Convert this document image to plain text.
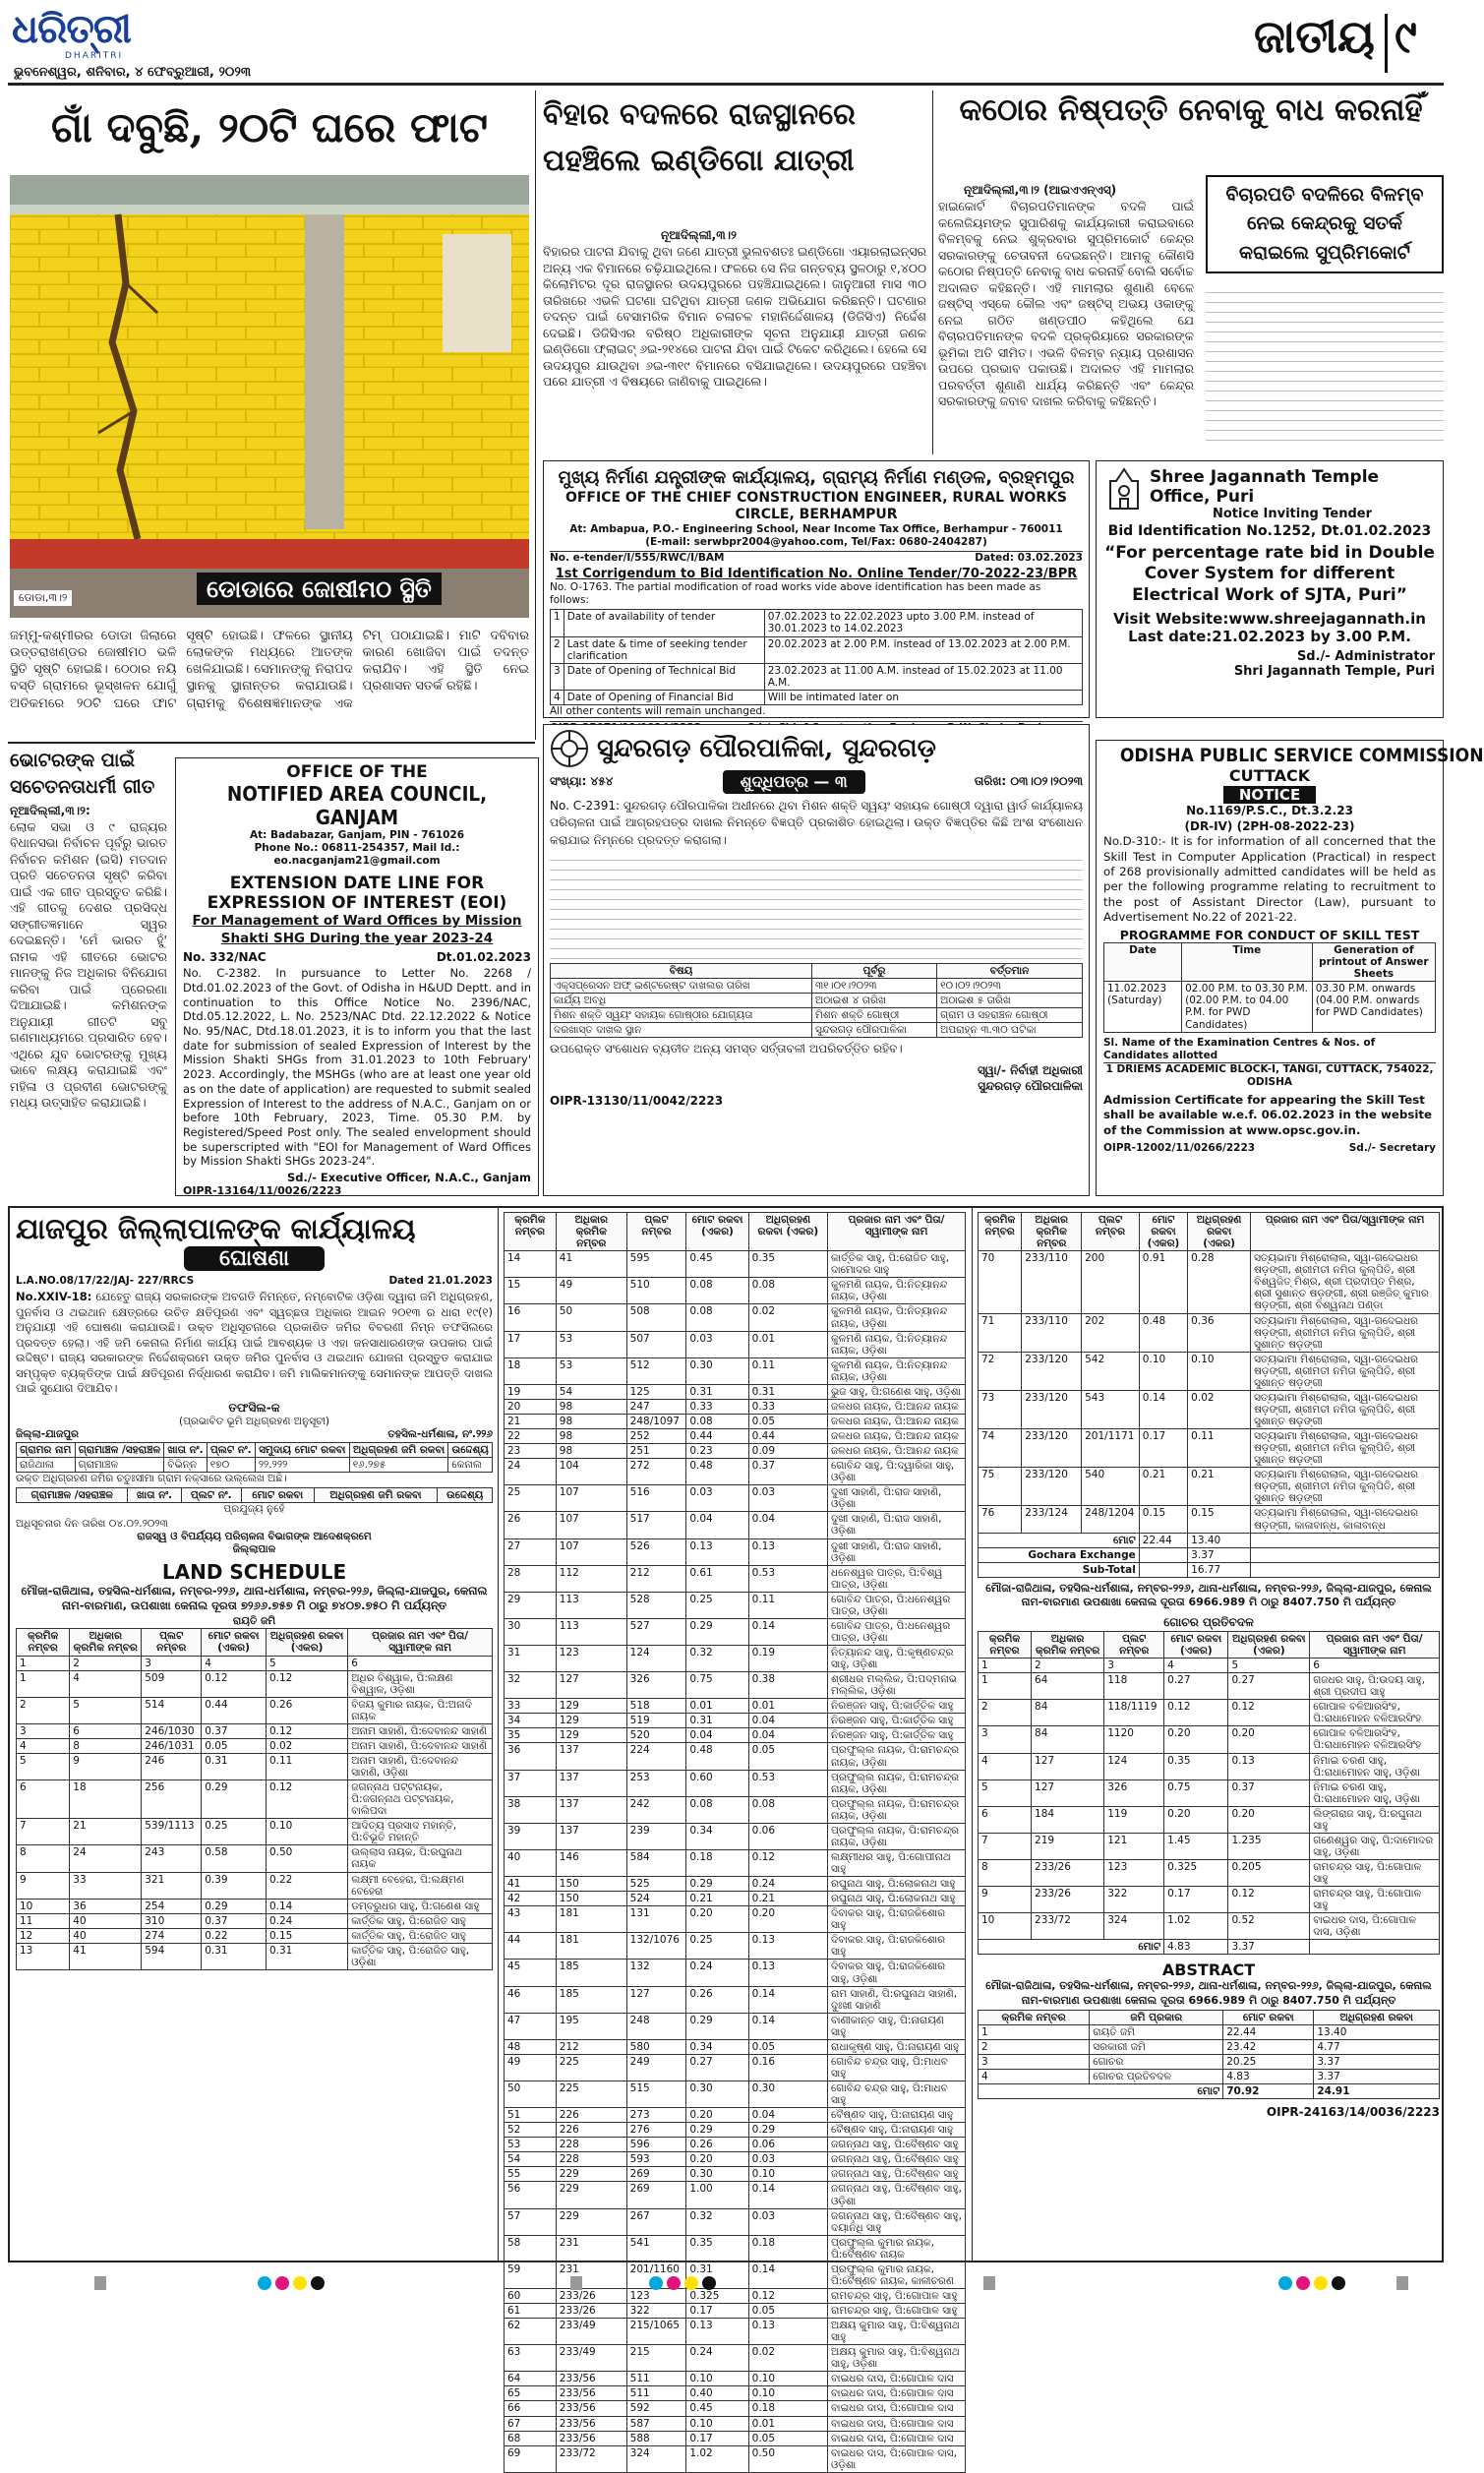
ଧରିତ୍ରୀ
DHARITRI
ଭୁବନେଶ୍ୱର, ଶନିବାର, ୪ ଫେବ୍ରୁଆରୀ, ୨୦୨୩
ଜାତୀୟ ୯
ଗାଁ ଦବୁଛି, ୨୦ଟି ଘରେ ଫାଟ
ଡୋଡା,୩।୨	ଡୋଡାରେ ଜୋଷୀମଠ ସ୍ଥିତି
ଜମ୍ମୁ-କଶ୍ମୀରର ଡୋଡା ଜିଲାରେ ଉତ୍ତରାଖଣ୍ଡର ଜୋଷୀମଠ ଭଳି ସ୍ଥିତି ସୃଷ୍ଟି ହୋଇଛି। ଠେଠାର ନୟି ବସ୍ତି ଗ୍ରାମରେ ଭୂସ୍ଖଳନ ଯୋଗୁଁ ଅତିକମରେ ୨୦ଟି ଘରେ ଫାଟ ସୃଷ୍ଟି ହୋଇଛି। ଫଳରେ ସ୍ଥାନୀୟ ଲୋକଙ୍କ ମଧ୍ୟରେ ଆତଙ୍କ ଖେଳିଯାଇଛି। ସେମାନଙ୍କୁ ନିରାପଦ ସ୍ଥାନକୁ ସ୍ଥାନାନ୍ତର କରାଯାଉଛି। ଗ୍ରାମକୁ ବିଶେଷଜ୍ଞମାନଙ୍କ ଏକ ଟିମ୍ ପଠାଯାଇଛି। ମାଟି ଦବିବାର କାରଣ ଖୋଜିବା ପାଇଁ ତଦନ୍ତ କରାଯିବ। ଏହି ସ୍ଥିତି ନେଇ ପ୍ରଶାସନ ସତର୍କ ରହିଛି।
ବିହାର ବଦଳରେ ରାଜସ୍ଥାନରେ ପହଞ୍ଚିଲେ ଇଣ୍ଡିଗୋ ଯାତ୍ରୀ
ନୂଆଦିଲ୍ଲୀ,୩।୨
ବିହାରର ପାଟନା ଯିବାକୁ ଥିବା ଜଣେ ଯାତ୍ରୀ ଭୁଲବଶତଃ ଇଣ୍ଡିଗୋ ଏୟାରଲାଇନ୍ସର ଅନ୍ୟ ଏକ ବିମାନରେ ଚଢ଼ିଯାଇଥିଲେ। ଫଳରେ ସେ ନିଜ ଗନ୍ତବ୍ୟ ସ୍ଥଳଠାରୁ ୧,୪୦୦ କିଲୋମିଟର ଦୂର ରାଜସ୍ଥାନର ଉଦୟପୁରରେ ପହଞ୍ଚିଯାଇଥିଲେ। ଜାନୁଆରୀ ମାସ ୩୦ ତାରିଖରେ ଏଭଳି ଘଟଣା ଘଟିଥିବା ଯାତ୍ରୀ ଜଣକ ଅଭିଯୋଗ କରିଛନ୍ତି। ଘଟଣାର ତଦନ୍ତ ପାଇଁ ବେସାମରିକ ବିମାନ ଚଳାଚଳ ମହାନିର୍ଦ୍ଦେଶାଳୟ (ଡିଜିସିଏ) ନିର୍ଦ୍ଦେଶ ଦେଇଛି। ଡିଜିସିଏର ବରିଷ୍ଠ ଅଧିକାରୀଙ୍କ ସୂଚନା ଅନୁଯାୟୀ ଯାତ୍ରୀ ଜଣକ ଇଣ୍ଡିଗୋ ଫ୍ଲାଇଟ୍ ୬ଇ-୨୧୪ରେ ପାଟନା ଯିବା ପାଇଁ ଟିକେଟ କରିଥିଲେ। ହେଲେ ସେ ଉଦୟପୁର ଯାଉଥିବା ୬ଇ-୩୧୯ ବିମାନରେ ବସିଯାଇଥିଲେ। ଉଦୟପୁରରେ ପହଞ୍ଚିବା ପରେ ଯାତ୍ରୀ ଏ ବିଷୟରେ ଜାଣିବାକୁ ପାଇଥିଲେ।
କଠୋର ନିଷ୍ପତ୍ତି ନେବାକୁ ବାଧ କରନାହିଁ
ନୂଆଦିଲ୍ଲୀ,୩।୨ (ଆଇଏଏନ୍‌ଏସ୍)
ହାଇକୋର୍ଟ ବିଚାରପତିମାନଙ୍କ ବଦଳି ପାଇଁ କଲେଜିୟମଙ୍କ ସୁପାରିଶକୁ କାର୍ଯ୍ୟକାରୀ କରାଇବାରେ ବିଳମ୍ବକୁ ନେଇ ଶୁକ୍ରବାର ସୁପ୍ରିମକୋର୍ଟ କେନ୍ଦ୍ର ସରକାରଙ୍କୁ ଚେତାବନୀ ଦେଇଛନ୍ତି। ଆମକୁ କୌଣସି କଠୋର ନିଷ୍ପତ୍ତି ନେବାକୁ ବାଧ କରନାହିଁ ବୋଲି ସର୍ବୋଚ୍ଚ ଅଦାଲତ କହିଛନ୍ତି। ଏହି ମାମଲାର ଶୁଣାଣି ବେଳେ ଜଷ୍ଟିସ୍ ଏସ୍‌କେ କୌଲ ଏବଂ ଜଷ୍ଟିସ୍ ଅଭୟ ଓକାଙ୍କୁ ନେଇ ଗଠିତ ଖଣ୍ଡପୀଠ କହିଥିଲେ ଯେ ବିଚାରପତିମାନଙ୍କ ବଦଳି ପ୍ରକ୍ରିୟାରେ ସରକାରଙ୍କ ଭୂମିକା ଅତି ସୀମିତ। ଏଭଳି ବିଳମ୍ବ ନ୍ୟାୟ ପ୍ରଶାସନ ଉପରେ ପ୍ରଭାବ ପକାଉଛି। ଅଦାଲତ ଏହି ମାମଲାର ପରବର୍ତ୍ତୀ ଶୁଣାଣି ଧାର୍ଯ୍ୟ କରିଛନ୍ତି ଏବଂ କେନ୍ଦ୍ର ସରକାରଙ୍କୁ ଜବାବ ଦାଖଲ କରିବାକୁ କହିଛନ୍ତି।
ବିଚାରପତି ବଦଳିରେ ବିଳମ୍ବ ନେଇ କେନ୍ଦ୍ରକୁ ସତର୍କ କରାଇଲେ ସୁପ୍ରିମକୋର୍ଟ
ମୁଖ୍ୟ ନିର୍ମାଣ ଯନ୍ତ୍ରୀଙ୍କ କାର୍ଯ୍ୟାଳୟ, ଗ୍ରାମ୍ୟ ନିର୍ମାଣ ମଣ୍ଡଳ, ବ୍ରହ୍ମପୁର
OFFICE OF THE CHIEF CONSTRUCTION ENGINEER, RURAL WORKS CIRCLE, BERHAMPUR
At: Ambapua, P.O.- Engineering School, Near Income Tax Office, Berhampur - 760011
(E-mail: serwbpr2004@yahoo.com, Tel/Fax: 0680-2404287)
No. e-tender/I/555/RWC/I/BAM	Dated: 03.02.2023
1st Corrigendum to Bid Identification No. Online Tender/70-2022-23/BPR
No. O-1763. The partial modification of road works vide above identification has been made as follows:
1	Date of availability of tender	07.02.2023 to 22.02.2023 upto 3.00 P.M. instead of 30.01.2023 to 14.02.2023
2	Last date & time of seeking tender clarification	20.02.2023 at 2.00 P.M. instead of 13.02.2023 at 2.00 P.M.
3	Date of Opening of Technical Bid	23.02.2023 at 11.00 A.M. instead of 15.02.2023 at 11.00 A.M.
4	Date of Opening of Financial Bid	Will be intimated later on
All other contents will remain unchanged.
Shree Jagannath Temple Office, Puri
Notice Inviting Tender
Bid Identification No.1252, Dt.01.02.2023
“For percentage rate bid in Double Cover System for different Electrical Work of SJTA, Puri”
Visit Website:www.shreejagannath.in
Last date:21.02.2023 by 3.00 P.M.
Sd./- Administrator
Shri Jagannath Temple, Puri
ଭୋଟରଙ୍କ ପାଇଁ ସଚେତନତାଧର୍ମୀ ଗୀତ
ନୂଆଦିଲ୍ଲୀ,୩।୨:
ଲୋକ ସଭା ଓ ୯ ରାଜ୍ୟର ବିଧାନସଭା ନିର୍ବାଚନ ପୂର୍ବରୁ ଭାରତ ନିର୍ବାଚନ କମିଶନ (ଇସି) ମତଦାନ ପ୍ରତି ସଚେତନତା ସୃଷ୍ଟି କରିବା ପାଇଁ ଏକ ଗୀତ ପ୍ରସ୍ତୁତ କରିଛି। ଏହି ଗୀତକୁ ଦେଶର ପ୍ରସିଦ୍ଧ ସଙ୍ଗୀତଜ୍ଞମାନେ ସ୍ୱର ଦେଇଛନ୍ତି। 'ମେଁ ଭାରତ ହୁଁ' ନାମକ ଏହି ଗୀତରେ ଭୋଟର ମାନଙ୍କୁ ନିଜ ଅଧିକାର ବିନିଯୋଗ କରିବା ପାଇଁ ପ୍ରେରଣା ଦିଆଯାଇଛି। କମିଶନଙ୍କ ଅନୁଯାୟୀ ଗୀତଟି ସବୁ ଗଣମାଧ୍ୟମରେ ପ୍ରସାରିତ ହେବ। ଏଥିରେ ଯୁବ ଭୋଟରଙ୍କୁ ମୁଖ୍ୟ ଭାବେ ଲକ୍ଷ୍ୟ କରାଯାଇଛି ଏବଂ ମହିଳା ଓ ପ୍ରବୀଣ ଭୋଟରଙ୍କୁ ମଧ୍ୟ ଉତ୍ସାହିତ କରାଯାଇଛି।
OFFICE OF THE
NOTIFIED AREA COUNCIL, GANJAM
At: Badabazar, Ganjam, PIN - 761026
Phone No.: 06811-254357, Mail Id.: eo.nacganjam21@gmail.com
EXTENSION DATE LINE FOR
EXPRESSION OF INTEREST (EOI)
For Management of Ward Offices by Mission Shakti SHG During the year 2023-24
No. 332/NAC	Dt.01.02.2023
No. C-2382. In pursuance to Letter No. 2268 / Dtd.01.02.2023 of the Govt. of Odisha in H&UD Deptt. and in continuation to this Office Notice No. 2396/NAC, Dtd.05.12.2022, L. No. 2523/NAC Dtd. 22.12.2022 & Notice No. 95/NAC, Dtd.18.01.2023, it is to inform you that the last date for submission of sealed Expression of Interest by the Mission Shakti SHGs from 31.01.2023 to 10th February' 2023. Accordingly, the MSHGs (who are at least one year old as on the date of application) are requested to submit sealed Expression of Interest to the address of N.A.C., Ganjam on or before 10th February, 2023, Time. 05.30 P.M. by Registered/Speed Post only. The sealed envelopment should be superscripted with "EOI for Management of Ward Offices by Mission Shakti SHGs 2023-24".
Sd./- Executive Officer, N.A.C., Ganjam
OIPR-13164/11/0026/2223
ସୁନ୍ଦରଗଡ଼ ପୌରପାଳିକା, ସୁନ୍ଦରଗଡ଼
ସଂଖ୍ୟା: ୪୫୪	ଶୁଦ୍ଧିପତ୍ର — ୩	ତାରିଖ: ୦୩।୦୨।୨୦୨୩
No. C-2391: ସୁନ୍ଦରଗଡ଼ ପୌରପାଳିକା ଅଧୀନରେ ଥିବା ମିଶନ ଶକ୍ତି ସ୍ୱୟଂ ସହାୟକ ଗୋଷ୍ଠୀ ଦ୍ୱାରା ୱାର୍ଡ କାର୍ଯ୍ୟାଳୟ ପରିଚାଳନା ପାଇଁ ଆଗ୍ରହପତ୍ର ଦାଖଲ ନିମନ୍ତେ ବିଜ୍ଞପ୍ତି ପ୍ରକାଶିତ ହୋଇଥିଲା। ଉକ୍ତ ବିଜ୍ଞପ୍ତିର କିଛି ଅଂଶ ସଂଶୋଧନ କରାଯାଇ ନିମ୍ନରେ ପ୍ରଦତ୍ତ କରାଗଲା।
ବିଷୟ	ପୂର୍ବରୁ	ବର୍ତ୍ତମାନ
ଏକ୍ସପ୍ରେସନ ଅଫ୍ ଇଣ୍ଟରେଷ୍ଟ ଦାଖଲର ତାରିଖ	୩୧।୦୧।୨୦୨୩	୧୦।୦୨।୨୦୨୩
କାର୍ଯ୍ୟ ଅବଧି	ଅଠାଇଶ ୪ ତାରିଖ	ଅଠାଇଶ ୫ ତାରିଖ
ମିଶନ ଶକ୍ତି ସ୍ୱୟଂ ସହାୟକ ଗୋଷ୍ଠୀର ଯୋଗ୍ୟତା	ମିଶନ ଶକ୍ତି ଗୋଷ୍ଠୀ	ଗ୍ରାମ ଓ ସହରାଞ୍ଚଳ ଗୋଷ୍ଠୀ
ଦରଖାସ୍ତ ଦାଖଲ ସ୍ଥାନ	ସୁନ୍ଦରଗଡ଼ ପୌରପାଳିକା	ଅପରାହ୍ନ ୩.୩୦ ଘଟିକା
ଉପରୋକ୍ତ ସଂଶୋଧନ ବ୍ୟତୀତ ଅନ୍ୟ ସମସ୍ତ ସର୍ତ୍ତାବଳୀ ଅପରିବର୍ତ୍ତିତ ରହିବ।
ସ୍ୱା/- ନିର୍ବାହୀ ଅଧିକାରୀ
ସୁନ୍ଦରଗଡ଼ ପୌରପାଳିକା
OIPR-13130/11/0042/2223
ODISHA PUBLIC SERVICE COMMISSION
CUTTACK
NOTICE
No.1169/P.S.C., Dt.3.2.23
(DR-IV) (2PH-08-2022-23)
No.D-310:- It is for information of all concerned that the Skill Test in Computer Application (Practical) in respect of 268 provisionally admitted candidates will be held as per the following programme relating to recruitment to the post of Assistant Director (Law), pursuant to Advertisement No.22 of 2021-22.
PROGRAMME FOR CONDUCT OF SKILL TEST
Date	Time	Generation of printout of Answer Sheets
11.02.2023 (Saturday)	02.00 P.M. to 03.30 P.M. (02.00 P.M. to 04.00 P.M. for PWD Candidates)	03.30 P.M. onwards (04.00 P.M. onwards for PWD Candidates)
Sl. Name of the Examination Centres & Nos. of Candidates allotted
1 DRIEMS ACADEMIC BLOCK-I, TANGI, CUTTACK, 754022, ODISHA
Admission Certificate for appearing the Skill Test shall be available w.e.f. 06.02.2023 in the website of the Commission at www.opsc.gov.in.
OIPR-12002/11/0266/2223	Sd./- Secretary
ଯାଜପୁର ଜିଲ୍ଲାପାଳଙ୍କ କାର୍ଯ୍ୟାଳୟ
ଘୋଷଣା
L.A.NO.08/17/22/JAJ- 227/RRCS	Dated 21.01.2023
No.XXIV-18: ଯେହେତୁ ରାଜ୍ୟ ସରକାରଙ୍କ ଅବଗତି ନିମନ୍ତେ, ନମ୍ବୋଟିକ ଓଡ଼ିଶା ଦ୍ୱାରା ଜମି ଅଧିଗ୍ରହଣ, ପୁନର୍ବାସ ଓ ଥଇଥାନ କ୍ଷେତ୍ରରେ ଉଚିତ କ୍ଷତିପୂରଣ ଏବଂ ସ୍ୱଚ୍ଛତା ଅଧିକାର ଆଇନ ୨୦୧୩ ର ଧାରା ୧୯(୧) ଅନୁଯାୟୀ ଏହି ଘୋଷଣା କରାଯାଉଛି। ଉକ୍ତ ଅଧିସୂଚନାରେ ପ୍ରକାଶିତ ଜମିର ବିବରଣୀ ନିମ୍ନ ତଫସିଲରେ ପ୍ରଦତ୍ତ ହେଲା। ଏହି ଜମି କେନାଲ ନିର୍ମାଣ କାର୍ଯ୍ୟ ପାଇଁ ଆବଶ୍ୟକ ଓ ଏହା ଜନସାଧାରଣଙ୍କ ଉପକାର ପାଇଁ ଉଦ୍ଦିଷ୍ଟ। ରାଜ୍ୟ ସରକାରଙ୍କ ନିର୍ଦ୍ଦେଶକ୍ରମେ ଉକ୍ତ ଜମିର ପୁନର୍ବାସ ଓ ଥଇଥାନ ଯୋଜନା ପ୍ରସ୍ତୁତ କରାଯାଇ ସମ୍ପୃକ୍ତ ବ୍ୟକ୍ତିଙ୍କ ପାଇଁ କ୍ଷତିପୂରଣ ନିର୍ଦ୍ଧାରଣ କରାଯିବ। ଜମି ମାଲିକମାନଙ୍କୁ ସେମାନଙ୍କ ଆପତ୍ତି ଦାଖଲ ପାଇଁ ସୁଯୋଗ ଦିଆଯିବ।
ତଫସିଲ-କ
(ପ୍ରଭାବିତ ଭୂମି ଅଧିଗ୍ରହଣ ଅନୁସୂଚୀ)
ଜିଲ୍ଲା-ଯାଜପୁର	ତହସିଲ-ଧର୍ମଶାଳା, ନଂ.୨୨୬
ଗ୍ରାମର ନାମ	ଗ୍ରାମାଞ୍ଚଳ /ସହରାଞ୍ଚଳ	ଖାତା ନଂ.	ପ୍ଲଟ ନଂ.	ସମୁଦାୟ ମୋଟ ରକବା	ଅଧିଗ୍ରହଣ ଜମି ରକବା	ଉଦ୍ଦେଶ୍ୟ
ରାଜିଥାଳା	ଗ୍ରାମାଞ୍ଚଳ	ବିଭିନ୍ନ	୧୭୦	୨୨.୨୨୨	୧୬.୨୭୫	କେନାଲ
ଉକ୍ତ ଅଧିଗ୍ରହଣ ଜମିର ଚତୁଃସୀମା ଗ୍ରାମ ନକ୍ସାରେ ଉଲ୍ଲେଖ ଅଛି।
ଗ୍ରାମାଞ୍ଚଳ /ସହରାଞ୍ଚଳ	ଖାତା ନଂ.	ପ୍ଲଟ ନଂ.	ମୋଟ ରକବା	ଅଧିଗ୍ରହଣ ଜମି ରକବା	ଉଦ୍ଦେଶ୍ୟ
ପ୍ରଯୁଜ୍ୟ ନୁହେଁ
ଅଧିସୂଚନାର ଦିନ ତାରିଖ ୦୪.୦୨.୨୦୨୩
ରାଜସ୍ୱ ଓ ବିପର୍ଯ୍ୟୟ ପରିଚାଳନା ବିଭାଗଙ୍କ ଆଦେଶକ୍ରମେ
ଜିଲ୍ଲାପାଳ
LAND SCHEDULE
ମୌଜା-ରାଜିଥାଳା, ତହସିଲ-ଧର୍ମଶାଳା, ନମ୍ବର-୨୨୬, ଥାନା-ଧର୍ମଶାଳା, ନମ୍ବର-୨୨୬, ଜିଲ୍ଲା-ଯାଜପୁର, କେନାଲ ନାମ-ବାରମାଣ, ଉପଶାଖା କେନାଲ ଦୂରତା ୭୨୬୬.୭୫୭ ମି ଠାରୁ ୭୪୦୭.୭୫୦ ମି ପର୍ଯ୍ୟନ୍ତ
ରାୟତି ଜମି
କ୍ରମିକ ନମ୍ବର	ଅଧିକାର କ୍ରମିକ ନମ୍ବର	ପ୍ଲଟ ନମ୍ବର	ମୋଟ ରକବା (ଏକର)	ଅଧିଗ୍ରହଣ ରକବା (ଏକର)	ପ୍ରଜାର ନାମ ଏବଂ ପିତା/ସ୍ୱାମୀଙ୍କ ନାମ
1	2	3	4	5	6
1	4	509	0.12	0.12	ଅଧିର ବିଶ୍ୱାଳ, ପି:ଲକ୍ଷଣ ବିଶ୍ୱାଳ, ଓଡ଼ିଶା
2	5	514	0.44	0.26	ବିଜୟ କୁମାର ନାୟକ, ପି:ଅନାଦି ନାୟକ
3	6	246/1030	0.37	0.12	ଅନାମ ସାହାଣି, ପି:ଦେବାନନ୍ଦ ସାହାଣି
4	8	246/1031	0.05	0.02	ଅନାମ ସାହାଣି, ପି:ଦେବାନନ୍ଦ ସାହାଣି
5	9	246	0.31	0.11	ଅନାମ ସାହାଣି, ପି:ଦେବାନନ୍ଦ ସାହାଣି, ଓଡ଼ିଶା
6	18	256	0.29	0.12	ଜଗନ୍ନାଥ ପଟ୍ଟନାୟକ, ପି:ଜଗନ୍ନାଥ ପଟ୍ଟନାୟକ, ବାଲିପଦା
7	21	539/1113	0.25	0.10	ଆଦିତ୍ୟ ପ୍ରସାଦ ମହାନ୍ତି, ପି:ବିଭୂତି ମହାନ୍ତି
8	24	243	0.58	0.50	ଉଲ୍ଲାସ ନାୟକ, ପି:ରଘୁନାଥ ନାୟକ
9	33	321	0.39	0.22	ଲକ୍ଷ୍ମୀ ବେହେରା, ପି:ଲକ୍ଷ୍ମଣ ବେହେରା
10	36	254	0.29	0.14	ଡମ୍ବରୁଧର ସାହୁ, ପି:ଗଣେଶ ସାହୁ
11	40	310	0.37	0.24	କାର୍ତ୍ତିକ ସାହୁ, ପି:ରୋଜିତ ସାହୁ
12	40	274	0.22	0.15	କାର୍ତ୍ତିକ ସାହୁ, ପି:ରୋଜିତ ସାହୁ
13	41	594	0.31	0.31	କାର୍ତ୍ତିକ ସାହୁ, ପି:ରୋଜିତ ସାହୁ, ଓଡ଼ିଶା
କ୍ରମିକ ନମ୍ବର	ଅଧିକାର କ୍ରମିକ ନମ୍ବର	ପ୍ଲଟ ନମ୍ବର	ମୋଟ ରକବା (ଏକର)	ଅଧିଗ୍ରହଣ ରକବା (ଏକର)	ପ୍ରଜାର ନାମ ଏବଂ ପିତା/ସ୍ୱାମୀଙ୍କ ନାମ
14	41	595	0.45	0.35	କାର୍ତ୍ତିକ ସାହୁ, ପି:ରୋଜିତ ସାହୁ, ଦାମୋଦର ସାହୁ
15	49	510	0.08	0.08	କୁଳମଣି ନାୟକ, ପି:ନିତ୍ୟାନନ୍ଦ ନାୟକ, ଓଡ଼ିଶା
16	50	508	0.08	0.02	କୁଳମଣି ନାୟକ, ପି:ନିତ୍ୟାନନ୍ଦ ନାୟକ, ଓଡ଼ିଶା
17	53	507	0.03	0.01	କୁଳମଣି ନାୟକ, ପି:ନିତ୍ୟାନନ୍ଦ ନାୟକ, ଓଡ଼ିଶା
18	53	512	0.30	0.11	କୁଳମଣି ନାୟକ, ପି:ନିତ୍ୟାନନ୍ଦ ନାୟକ, ଓଡ଼ିଶା
19	54	125	0.31	0.31	ଭୁଜ ସାହୁ, ପି:ଗଣେଶ ସାହୁ, ଓଡ଼ିଶା
20	98	247	0.33	0.33	ଜଳଧର ନାୟକ, ପି:ଆନନ୍ଦ ନାୟକ
21	98	248/1097	0.08	0.05	ଜଳଧର ନାୟକ, ପି:ଆନନ୍ଦ ନାୟକ
22	98	252	0.44	0.44	ଜଳଧର ନାୟକ, ପି:ଆନନ୍ଦ ନାୟକ
23	98	251	0.23	0.09	ଜଳଧର ନାୟକ, ପି:ଆନନ୍ଦ ନାୟକ
24	104	272	0.48	0.37	ଗୋବିନ୍ଦ ସାହୁ, ପି:ଦ୍ୱାରିକା ସାହୁ, ଓଡ଼ିଶା
25	107	516	0.03	0.03	ଦୁଖୀ ସାହାଣି, ପି:ରାଜ ସାହାଣି, ଓଡ଼ିଶା
26	107	517	0.04	0.04	ଦୁଖୀ ସାହାଣି, ପି:ରାଜ ସାହାଣି, ଓଡ଼ିଶା
27	107	526	0.13	0.13	ଦୁଖୀ ସାହାଣି, ପି:ରାଜ ସାହାଣି, ଓଡ଼ିଶା
28	112	212	0.61	0.53	ଧନେଶ୍ୱର ପାତ୍ର, ପି:ବିଶ୍ୱ ପାତ୍ର, ଓଡ଼ିଶା
29	113	528	0.25	0.11	ଗୋବିନ୍ଦ ପାତ୍ର, ପି:ଧନେଶ୍ୱର ପାତ୍ର, ଓଡ଼ିଶା
30	113	527	0.29	0.14	ଗୋବିନ୍ଦ ପାତ୍ର, ପି:ଧନେଶ୍ୱର ପାତ୍ର, ଓଡ଼ିଶା
31	123	124	0.32	0.19	ନିତ୍ୟାନନ୍ଦ ସାହୁ, ପି:କୃଷ୍ଣଚନ୍ଦ୍ର ସାହୁ, ଓଡ଼ିଶା
32	127	326	0.75	0.38	ଶ୍ରୀଧର ମଲ୍ଲିକ, ପି:ପଦ୍ମନାଭ ମଲ୍ଲିକ, ଓଡ଼ିଶା
33	129	518	0.01	0.01	ନିରଞ୍ଜନ ସାହୁ, ପି:କାର୍ତ୍ତିକ ସାହୁ
34	129	519	0.31	0.04	ନିରଞ୍ଜନ ସାହୁ, ପି:କାର୍ତ୍ତିକ ସାହୁ
35	129	520	0.04	0.04	ନିରଞ୍ଜନ ସାହୁ, ପି:କାର୍ତ୍ତିକ ସାହୁ
36	137	224	0.48	0.05	ପ୍ରଫୁଲ୍ଲ ନାୟକ, ପି:ରାମଚନ୍ଦ୍ର ନାୟକ, ଓଡ଼ିଶା
37	137	253	0.60	0.53	ପ୍ରଫୁଲ୍ଲ ନାୟକ, ପି:ରାମଚନ୍ଦ୍ର ନାୟକ, ଓଡ଼ିଶା
38	137	242	0.08	0.08	ପ୍ରଫୁଲ୍ଲ ନାୟକ, ପି:ରାମଚନ୍ଦ୍ର ନାୟକ, ଓଡ଼ିଶା
39	137	239	0.34	0.06	ପ୍ରଫୁଲ୍ଲ ନାୟକ, ପି:ରାମଚନ୍ଦ୍ର ନାୟକ, ଓଡ଼ିଶା
40	146	584	0.18	0.12	ଲକ୍ଷ୍ମୀଧର ସାହୁ, ପି:ଗୋପୀନାଥ ସାହୁ
41	150	525	0.29	0.24	ରଘୁନାଥ ସାହୁ, ପି:ଲୋକନାଥ ସାହୁ
42	150	524	0.21	0.21	ରଘୁନାଥ ସାହୁ, ପି:ଲୋକନାଥ ସାହୁ
43	181	131	0.20	0.20	ଦିବାକର ସାହୁ, ପି:ରାଜକିଶୋର ସାହୁ
44	181	132/1076	0.25	0.13	ଦିବାକର ସାହୁ, ପି:ରାଜକିଶୋର ସାହୁ
45	185	132	0.24	0.13	ଦିବାକର ସାହୁ, ପି:ରାଜକିଶୋର ସାହୁ, ଓଡ଼ିଶା
46	185	127	0.26	0.14	ରାମ ସାହାଣି, ପି:ରଘୁନାଥ ସାହାଣି, ଦୁଃଖୀ ସାହାଣି
47	195	248	0.29	0.14	ବାଣୀକାନ୍ତ ସାହୁ, ପି:ନାରାୟଣ ସାହୁ
48	212	580	0.34	0.05	ରାଧାକୃଷ୍ଣ ସାହୁ, ପି:ନାରାୟଣ ସାହୁ
49	225	249	0.27	0.16	ଗୋବିନ୍ଦ ଚନ୍ଦ୍ର ସାହୁ, ପି:ମାଧବ ସାହୁ
50	225	515	0.30	0.30	ଗୋବିନ୍ଦ ଚନ୍ଦ୍ର ସାହୁ, ପି:ମାଧବ ସାହୁ
51	226	273	0.20	0.04	ବୈଷ୍ଣବ ସାହୁ, ପି:ନାରାୟଣ ସାହୁ
52	226	276	0.29	0.29	ବୈଷ୍ଣବ ସାହୁ, ପି:ନାରାୟଣ ସାହୁ
53	228	596	0.26	0.06	ଜଗନ୍ନାଥ ସାହୁ, ପି:ବୈଷ୍ଣବ ସାହୁ
54	228	593	0.20	0.03	ଜଗନ୍ନାଥ ସାହୁ, ପି:ବୈଷ୍ଣବ ସାହୁ
55	229	269	0.30	0.10	ଜଗନ୍ନାଥ ସାହୁ, ପି:ବୈଷ୍ଣବ ସାହୁ
56	229	269	1.00	0.14	ଜଗନ୍ନାଥ ସାହୁ, ପି:ବୈଷ୍ଣବ ସାହୁ, ଓଡ଼ିଶା
57	229	267	0.32	0.03	ଜଗନ୍ନାଥ ସାହୁ, ପି:ବୈଷ୍ଣବ ସାହୁ, ଦୟାନିଧି ସାହୁ
58	231	541	0.35	0.18	ପ୍ରଫୁଲ୍ଲ କୁମାର ନାୟକ, ପି:ବୈଷ୍ଣବ ନାୟକ
59	231	201/1160	0.31	0.14	ପ୍ରଫୁଲ୍ଲ କୁମାର ନାୟକ, ପି:ବୈଷ୍ଣବ ନାୟକ, କାଳୀଚରଣ
60	233/26	123	0.325	0.12	ରାମଚନ୍ଦ୍ର ସାହୁ, ପି:ଗୋପାଳ ସାହୁ
61	233/26	322	0.17	0.05	ରାମଚନ୍ଦ୍ର ସାହୁ, ପି:ଗୋପାଳ ସାହୁ
62	233/49	215/1065	0.13	0.13	ଅକ୍ଷୟ କୁମାର ସାହୁ, ପି:ବିଶ୍ୱନାଥ ସାହୁ
63	233/49	215	0.24	0.02	ଅକ୍ଷୟ କୁମାର ସାହୁ, ପି:ବିଶ୍ୱନାଥ ସାହୁ, ଓଡ଼ିଶା
64	233/56	511	0.10	0.10	ବାଇଧର ଦାସ, ପି:ଗୋପାଳ ଦାସ
65	233/56	511	0.40	0.10	ବାଇଧର ଦାସ, ପି:ଗୋପାଳ ଦାସ
66	233/56	592	0.45	0.18	ବାଇଧର ଦାସ, ପି:ଗୋପାଳ ଦାସ
67	233/56	587	0.10	0.01	ବାଇଧର ଦାସ, ପି:ଗୋପାଳ ଦାସ
68	233/56	588	0.17	0.05	ବାଇଧର ଦାସ, ପି:ଗୋପାଳ ଦାସ
69	233/72	324	1.02	0.50	ବାଇଧର ଦାସ, ପି:ଗୋପାଳ ଦାସ, ଓଡ଼ିଶା
କ୍ରମିକ ନମ୍ବର	ଅଧିକାର କ୍ରମିକ ନମ୍ବର	ପ୍ଲଟ ନମ୍ବର	ମୋଟ ରକବା (ଏକର)	ଅଧିଗ୍ରହଣ ରକବା (ଏକର)	ପ୍ରଜାର ନାମ ଏବଂ ପିତା/ସ୍ୱାମୀଙ୍କ ନାମ
70	233/110	200	0.91	0.28	ସତ୍ୟଭାମା ମିଶ୍ରୋଲାଲ, ସ୍ୱା-ଗଦେଇଧର ଷଡ଼ଙ୍ଗୀ, ଶ୍ରୀମତୀ ନମିତା କୁଲ୍ପିତି, ଶ୍ରୀ ବିଶ୍ୱଜିତ୍ ମିଶ୍ର, ଶ୍ରୀ ପ୍ରଦୀପ୍ତ ମିଶ୍ର, ଶ୍ରୀ ସୁଶାନ୍ତ ଷଡ଼ଙ୍ଗୀ, ଶ୍ରୀ ରଞ୍ଜିତ୍ କୁମାର ଷଡ଼ଙ୍ଗୀ, ଶ୍ରୀ ବିଶ୍ୱନାଥ ପଣ୍ଡା
71	233/110	202	0.48	0.36	ସତ୍ୟଭାମା ମିଶ୍ରୋଲାଲ, ସ୍ୱା-ଗଦେଇଧର ଷଡ଼ଙ୍ଗୀ, ଶ୍ରୀମତୀ ନମିତା କୁଲ୍ପିତି, ଶ୍ରୀ ସୁଶାନ୍ତ ଷଡ଼ଙ୍ଗୀ
72	233/120	542	0.10	0.10	ସତ୍ୟଭାମା ମିଶ୍ରୋଲାଲ, ସ୍ୱା-ଗଦେଇଧର ଷଡ଼ଙ୍ଗୀ, ଶ୍ରୀମତୀ ନମିତା କୁଲ୍ପିତି, ଶ୍ରୀ ସୁଶାନ୍ତ ଷଡ଼ଙ୍ଗୀ
73	233/120	543	0.14	0.02	ସତ୍ୟଭାମା ମିଶ୍ରୋଲାଲ, ସ୍ୱା-ଗଦେଇଧର ଷଡ଼ଙ୍ଗୀ, ଶ୍ରୀମତୀ ନମିତା କୁଲ୍ପିତି, ଶ୍ରୀ ସୁଶାନ୍ତ ଷଡ଼ଙ୍ଗୀ
74	233/120	201/1171	0.17	0.11	ସତ୍ୟଭାମା ମିଶ୍ରୋଲାଲ, ସ୍ୱା-ଗଦେଇଧର ଷଡ଼ଙ୍ଗୀ, ଶ୍ରୀମତୀ ନମିତା କୁଲ୍ପିତି, ଶ୍ରୀ ସୁଶାନ୍ତ ଷଡ଼ଙ୍ଗୀ
75	233/120	540	0.21	0.21	ସତ୍ୟଭାମା ମିଶ୍ରୋଲାଲ, ସ୍ୱା-ଗଦେଇଧର ଷଡ଼ଙ୍ଗୀ, ଶ୍ରୀମତୀ ନମିତା କୁଲ୍ପିତି, ଶ୍ରୀ ସୁଶାନ୍ତ ଷଡ଼ଙ୍ଗୀ
76	233/124	248/1204	0.15	0.15	ସତ୍ୟଭାମା ମିଶ୍ରୋଲାଲ, ସ୍ୱା-ଗଦେଇଧର ଷଡ଼ଙ୍ଗୀ, କାଳାବାନ୍ଧ, କାଳାବାନ୍ଧ
ମୋଟ			22.44	13.40	
Gochara Exchange				3.37	
Sub-Total				16.77	
ମୌଜା-ରାଜିଥାଳା, ତହସିଲ-ଧର୍ମଶାଳା, ନମ୍ବର-୨୨୬, ଥାନା-ଧର୍ମଶାଳା, ନମ୍ବର-୨୨୬, ଜିଲ୍ଲା-ଯାଜପୁର, କେନାଲ ନାମ-ବାରମାଣ ଉପଶାଖା କେନାଲ ଦୂରତା 6966.989 ମି ଠାରୁ 8407.750 ମି ପର୍ଯ୍ୟନ୍ତ
ଗୋଚର ପ୍ରତିବଦଳ
କ୍ରମିକ ନମ୍ବର	ଅଧିକାର କ୍ରମିକ ନମ୍ବର	ପ୍ଲଟ ନମ୍ବର	ମୋଟ ରକବା (ଏକର)	ଅଧିଗ୍ରହଣ ରକବା (ଏକର)	ପ୍ରଜାର ନାମ ଏବଂ ପିତା/ସ୍ୱାମୀଙ୍କ ନାମ
1	2	3	4	5	6
1	64	118	0.27	0.27	ଗଜଧର ସାହୁ, ପି:ଉଦୟ ସାହୁ, ଶ୍ରୀ ପ୍ରଦୀପ ସାହୁ
2	84	118/1119	0.12	0.12	ଗୋପାଳ ବଳିଆରସିଂହ, ପି:ରାଧାମୋହନ ବଳିଆରସିଂହ
3	84	1120	0.20	0.20	ଗୋପାଳ ବଳିଆରସିଂହ, ପି:ରାଧାମୋହନ ବଳିଆରସିଂହ
4	127	124	0.35	0.13	ନିମାଇ ଚରଣ ସାହୁ, ପି:ରାଧାମୋହନ ସାହୁ, ଓଡ଼ିଶା
5	127	326	0.75	0.37	ନିମାଇ ଚରଣ ସାହୁ, ପି:ରାଧାମୋହନ ସାହୁ, ଓଡ଼ିଶା
6	184	119	0.20	0.20	ଲିଙ୍ଗରାଜ ସାହୁ, ପି:ରଘୁନାଥ ସାହୁ
7	219	121	1.45	1.235	ଗଣେଶ୍ୱର ସାହୁ, ପି:ଦାମୋଦର ସାହୁ, ଓଡ଼ିଶା
8	233/26	123	0.325	0.205	ରାମଚନ୍ଦ୍ର ସାହୁ, ପି:ଗୋପାଳ ସାହୁ
9	233/26	322	0.17	0.12	ରାମଚନ୍ଦ୍ର ସାହୁ, ପି:ଗୋପାଳ ସାହୁ
10	233/72	324	1.02	0.52	ବାଇଧର ଦାସ, ପି:ଗୋପାଳ ଦାସ, ଓଡ଼ିଶା
ମୋଟ			4.83	3.37	
ABSTRACT
ମୌଜା-ରାଜିଥାଳା, ତହସିଲ-ଧର୍ମଶାଳା, ନମ୍ବର-୨୨୬, ଥାନା-ଧର୍ମଶାଳା, ନମ୍ବର-୨୨୬, ଜିଲ୍ଲା-ଯାଜପୁର, କେନାଲ ନାମ-ବାରମାଣ ଉପଶାଖା କେନାଲ ଦୂରତା 6966.989 ମି ଠାରୁ 8407.750 ମି ପର୍ଯ୍ୟନ୍ତ
କ୍ରମିକ ନମ୍ବର	ଜମି ପ୍ରକାର	ମୋଟ ରକବା	ଅଧିଗ୍ରହଣ ରକବା
1	ରାୟତି ଜମି	22.44	13.40
2	ସରକାରୀ ଜମି	23.42	4.77
3	ଗୋଚର	20.25	3.37
4	ଗୋଚର ପ୍ରତିବଦଳ	4.83	3.37
ମୋଟ		70.92	24.91
OIPR-24163/14/0036/2223
